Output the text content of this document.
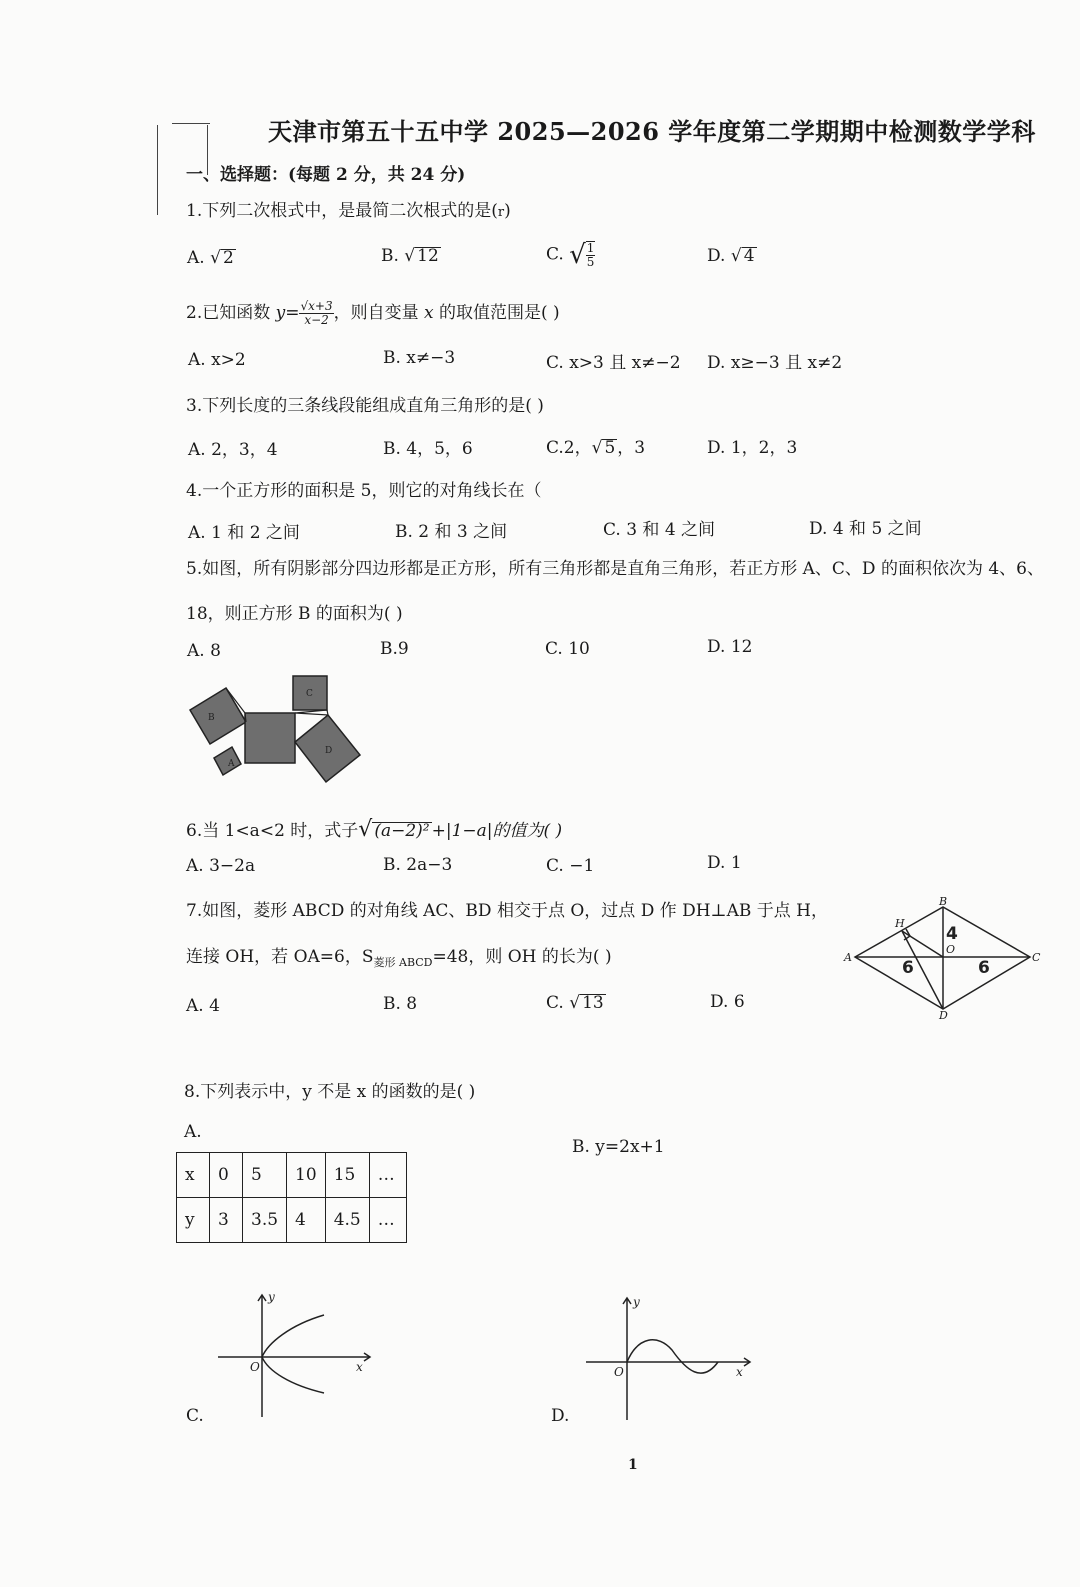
天津市第五十五中学 2025—2026 学年度第二学期期中检测数学学科
一、选择题：(每题 2 分，共 24 分)
1.下列二次根式中，是最简二次根式的是(r)
A. √ 2	B. √ 12	C. √ $\frac{1}{5}$	D. √ 4
2.已知函数 $y= \frac{√x+3}{x-2}$ ，则自变量 x 的取值范围是( )
A. x>2	B. x≠−3	C. x>3 且 x≠−2 D. x≥−3 且 x≠2
3.下列长度的三条线段能组成直角三角形的是( )
A. 2，3，4	B. 4，5，6	C.2，√ 5 ，3	D. 1，2，3
4.一个正方形的面积是 5，则它的对角线长在（
A. 1 和 2 之间	B. 2 和 3 之间	C. 3 和 4 之间	D. 4 和 5 之间
5.如图，所有阴影部分四边形都是正方形，所有三角形都是直角三角形，若正方形 A、C、D 的面积依次为 4、6、
18，则正方形 B 的面积为( )
A. 8	B.9	C. 10	D. 12
B
A
C
D
6.当 1<a<2 时，式子√ (a−2)² +|1−a|的值为( )
A. 3−2a	B. 2a−3	C. −1	D. 1
7.如图，菱形 ABCD 的对角线 AC、BD 相交于点 O，过点 D 作 DH⊥AB 于点 H，
连接 OH，若 OA=6，$S_{菱形 ABCD}=48$，则 OH 的长为( )
A. 4	B. 8	C. √ 13	D. 6
A
B
C
D
H
O
4
6	6
8.下列表示中，y 不是 x 的函数的是( )
A.
B. y=2x+1
x	0	5	10	15	…
y	3	3.5	4	4.5	…
x
y
O
C.
x
y
O
D.
1
